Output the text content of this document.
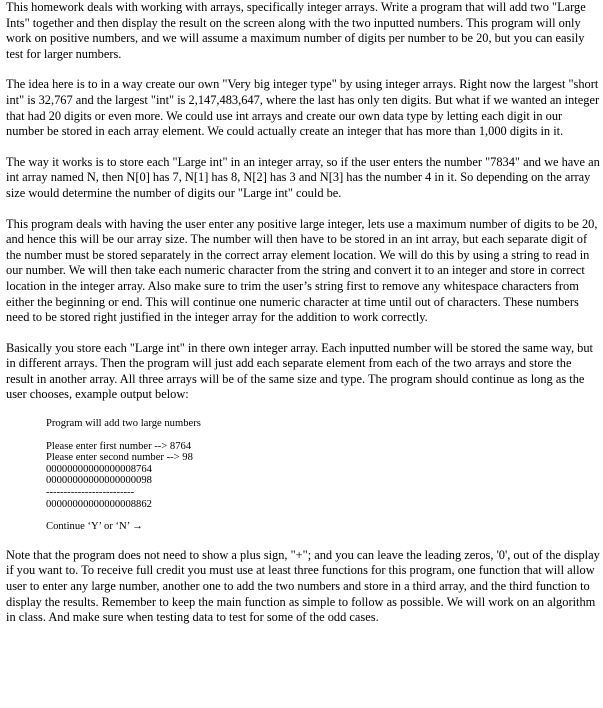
This homework deals with working with arrays, specifically integer arrays. Write a program that will add two "Large Ints" together and then display the result on the screen along with the two inputted numbers. This program will only work on positive numbers, and we will assume a maximum number of digits per number to be 20, but you can easily test for larger numbers.

The idea here is to in a way create our own "Very big integer type" by using integer arrays. Right now the largest "short int" is 32,767 and the largest "int" is 2,147,483,647, where the last has only ten digits. But what if we wanted an integer that had 20 digits or even more. We could use int arrays and create our own data type by letting each digit in our number be stored in each array element. We could actually create an integer that has more than 1,000 digits in it.

The way it works is to store each "Large int" in an integer array, so if the user enters the number "7834" and we have an int array named N, then N[0] has 7, N[1] has 8, N[2] has 3 and N[3] has the number 4 in it. So depending on the array size would determine the number of digits our "Large int" could be.

This program deals with having the user enter any positive large integer, lets use a maximum number of digits to be 20, and hence this will be our array size. The number will then have to be stored in an int array, but each separate digit of the number must be stored separately in the correct array element location. We will do this by using a string to read in our number. We will then take each numeric character from the string and convert it to an integer and store in correct location in the integer array. Also make sure to trim the user’s string first to remove any whitespace characters from either the beginning or end. This will continue one numeric character at time until out of characters. These numbers need to be stored right justified in the integer array for the addition to work correctly.

Basically you store each "Large int" in there own integer array. Each inputted number will be stored the same way, but in different arrays. Then the program will just add each separate element from each of the two arrays and store the result in another array. All three arrays will be of the same size and type. The program should continue as long as the user chooses, example output below:

Program will add two large numbers
Please enter first number --> 8764
Please enter second number --> 98
00000000000000008764
00000000000000000098
-------------------------
00000000000000008862
Continue ‘Y’ or ‘N’ →

Note that the program does not need to show a plus sign, "+"; and you can leave the leading zeros, '0', out of the display if you want to. To receive full credit you must use at least three functions for this program, one function that will allow user to enter any large number, another one to add the two numbers and store in a third array, and the third function to display the results. Remember to keep the main function as simple to follow as possible. We will work on an algorithm in class. And make sure when testing data to test for some of the odd cases.
